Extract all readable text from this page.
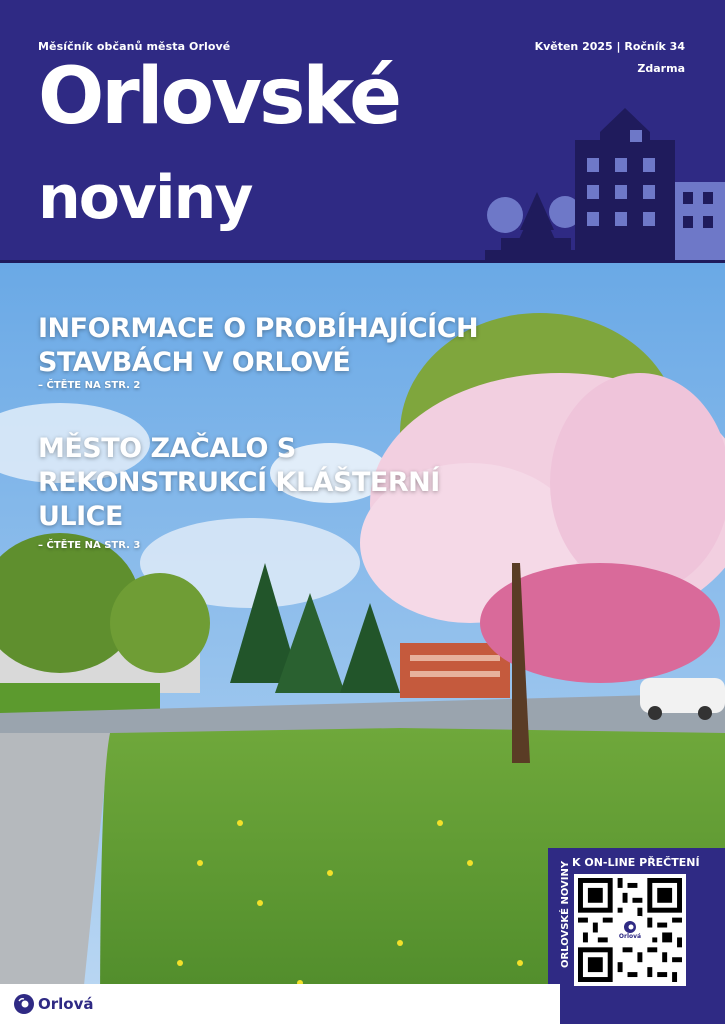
Měsíčník občanů města Orlové	Květen 2025 | Ročník 34
Zdarma
Orlovské
noviny
INFORMACE O PROBÍHAJÍCÍCH STAVBÁCH V ORLOVÉ
– ČTĚTE NA STR. 2
MĚSTO ZAČALO S REKONSTRUKCÍ KLÁŠTERNÍ ULICE
– ČTĚTE NA STR. 3
K ON-LINE PŘEČTENÍ
ORLOVSKÉ NOVINY	Orlová
Orlová
